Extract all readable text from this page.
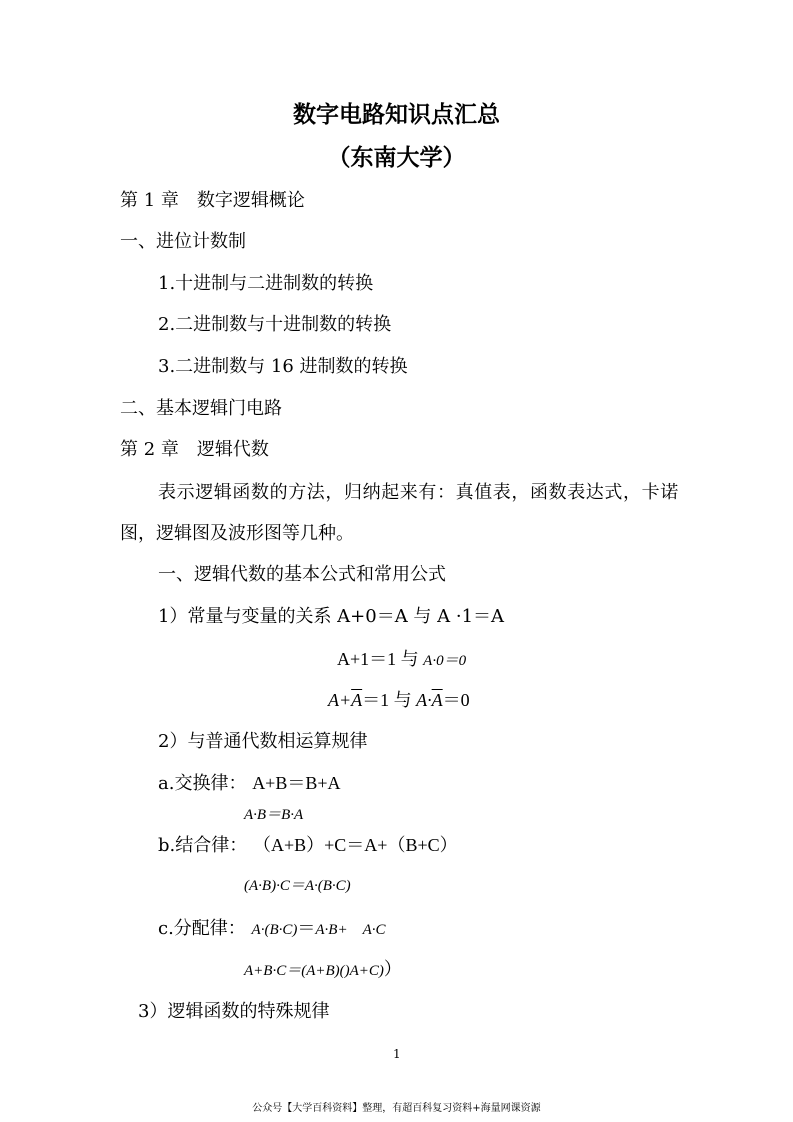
数字电路知识点汇总
（东南大学）
第 1 章　数字逻辑概论
一、进位计数制
1.十进制与二进制数的转换
2.二进制数与十进制数的转换
3.二进制数与 16 进制数的转换
二、基本逻辑门电路
第 2 章　逻辑代数
表示逻辑函数的方法，归纳起来有：真值表，函数表达式，卡诺
图，逻辑图及波形图等几种。
一、逻辑代数的基本公式和常用公式
1）常量与变量的关系 A+0＝A 与 A ·1＝A
A+1＝1 与 A·0＝0
$A+\overline{A}=1$ 与 $A\cdot\overline{A}=0$
2）与普通代数相运算规律
a.交换律： A+B＝B+A
A·B＝B·A
b.结合律： （A+B）+C＝A+（B+C）
(A·B)·C＝A·(B·C)
c.分配律： A·(B·C)＝A·B+　A·C
A+B·C＝(A+B)()A+C)）
3）逻辑函数的特殊规律
1
公众号【大学百科资料】整理，有超百科复习资料+海量网课资源
